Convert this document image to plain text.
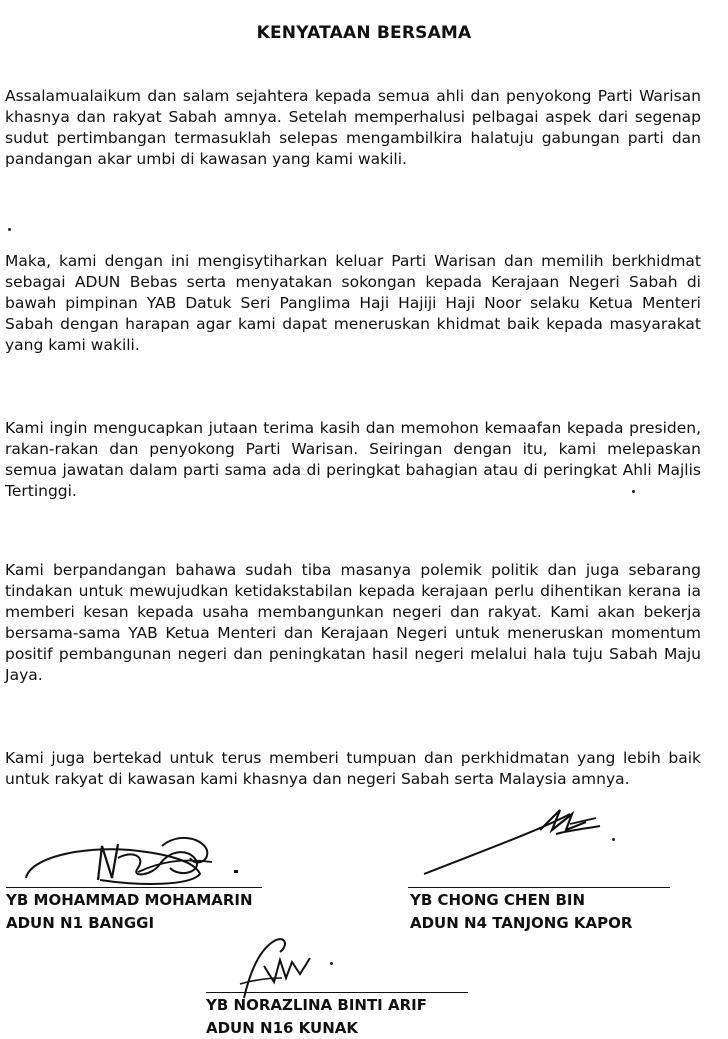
KENYATAAN BERSAMA

Assalamualaikum dan salam sejahtera kepada semua ahli dan penyokong Parti Warisan khasnya dan rakyat Sabah amnya. Setelah memperhalusi pelbagai aspek dari segenap sudut pertimbangan termasuklah selepas mengambilkira halatuju gabungan parti dan pandangan akar umbi di kawasan yang kami wakili.

Maka, kami dengan ini mengisytiharkan keluar Parti Warisan dan memilih berkhidmat sebagai ADUN Bebas serta menyatakan sokongan kepada Kerajaan Negeri Sabah di bawah pimpinan YAB Datuk Seri Panglima Haji Hajiji Haji Noor selaku Ketua Menteri Sabah dengan harapan agar kami dapat meneruskan khidmat baik kepada masyarakat yang kami wakili.

Kami ingin mengucapkan jutaan terima kasih dan memohon kemaafan kepada presiden, rakan-rakan dan penyokong Parti Warisan. Seiringan dengan itu, kami melepaskan semua jawatan dalam parti sama ada di peringkat bahagian atau di peringkat Ahli Majlis Tertinggi.

Kami berpandangan bahawa sudah tiba masanya polemik politik dan juga sebarang tindakan untuk mewujudkan ketidakstabilan kepada kerajaan perlu dihentikan kerana ia memberi kesan kepada usaha membangunkan negeri dan rakyat. Kami akan bekerja bersama-sama YAB Ketua Menteri dan Kerajaan Negeri untuk meneruskan momentum positif pembangunan negeri dan peningkatan hasil negeri melalui hala tuju Sabah Maju Jaya.

Kami juga bertekad untuk terus memberi tumpuan dan perkhidmatan yang lebih baik untuk rakyat di kawasan kami khasnya dan negeri Sabah serta Malaysia amnya.

YB MOHAMMAD MOHAMARIN
ADUN N1 BANGGI
YB CHONG CHEN BIN
ADUN N4 TANJONG KAPOR
YB NORAZLINA BINTI ARIF
ADUN N16 KUNAK
